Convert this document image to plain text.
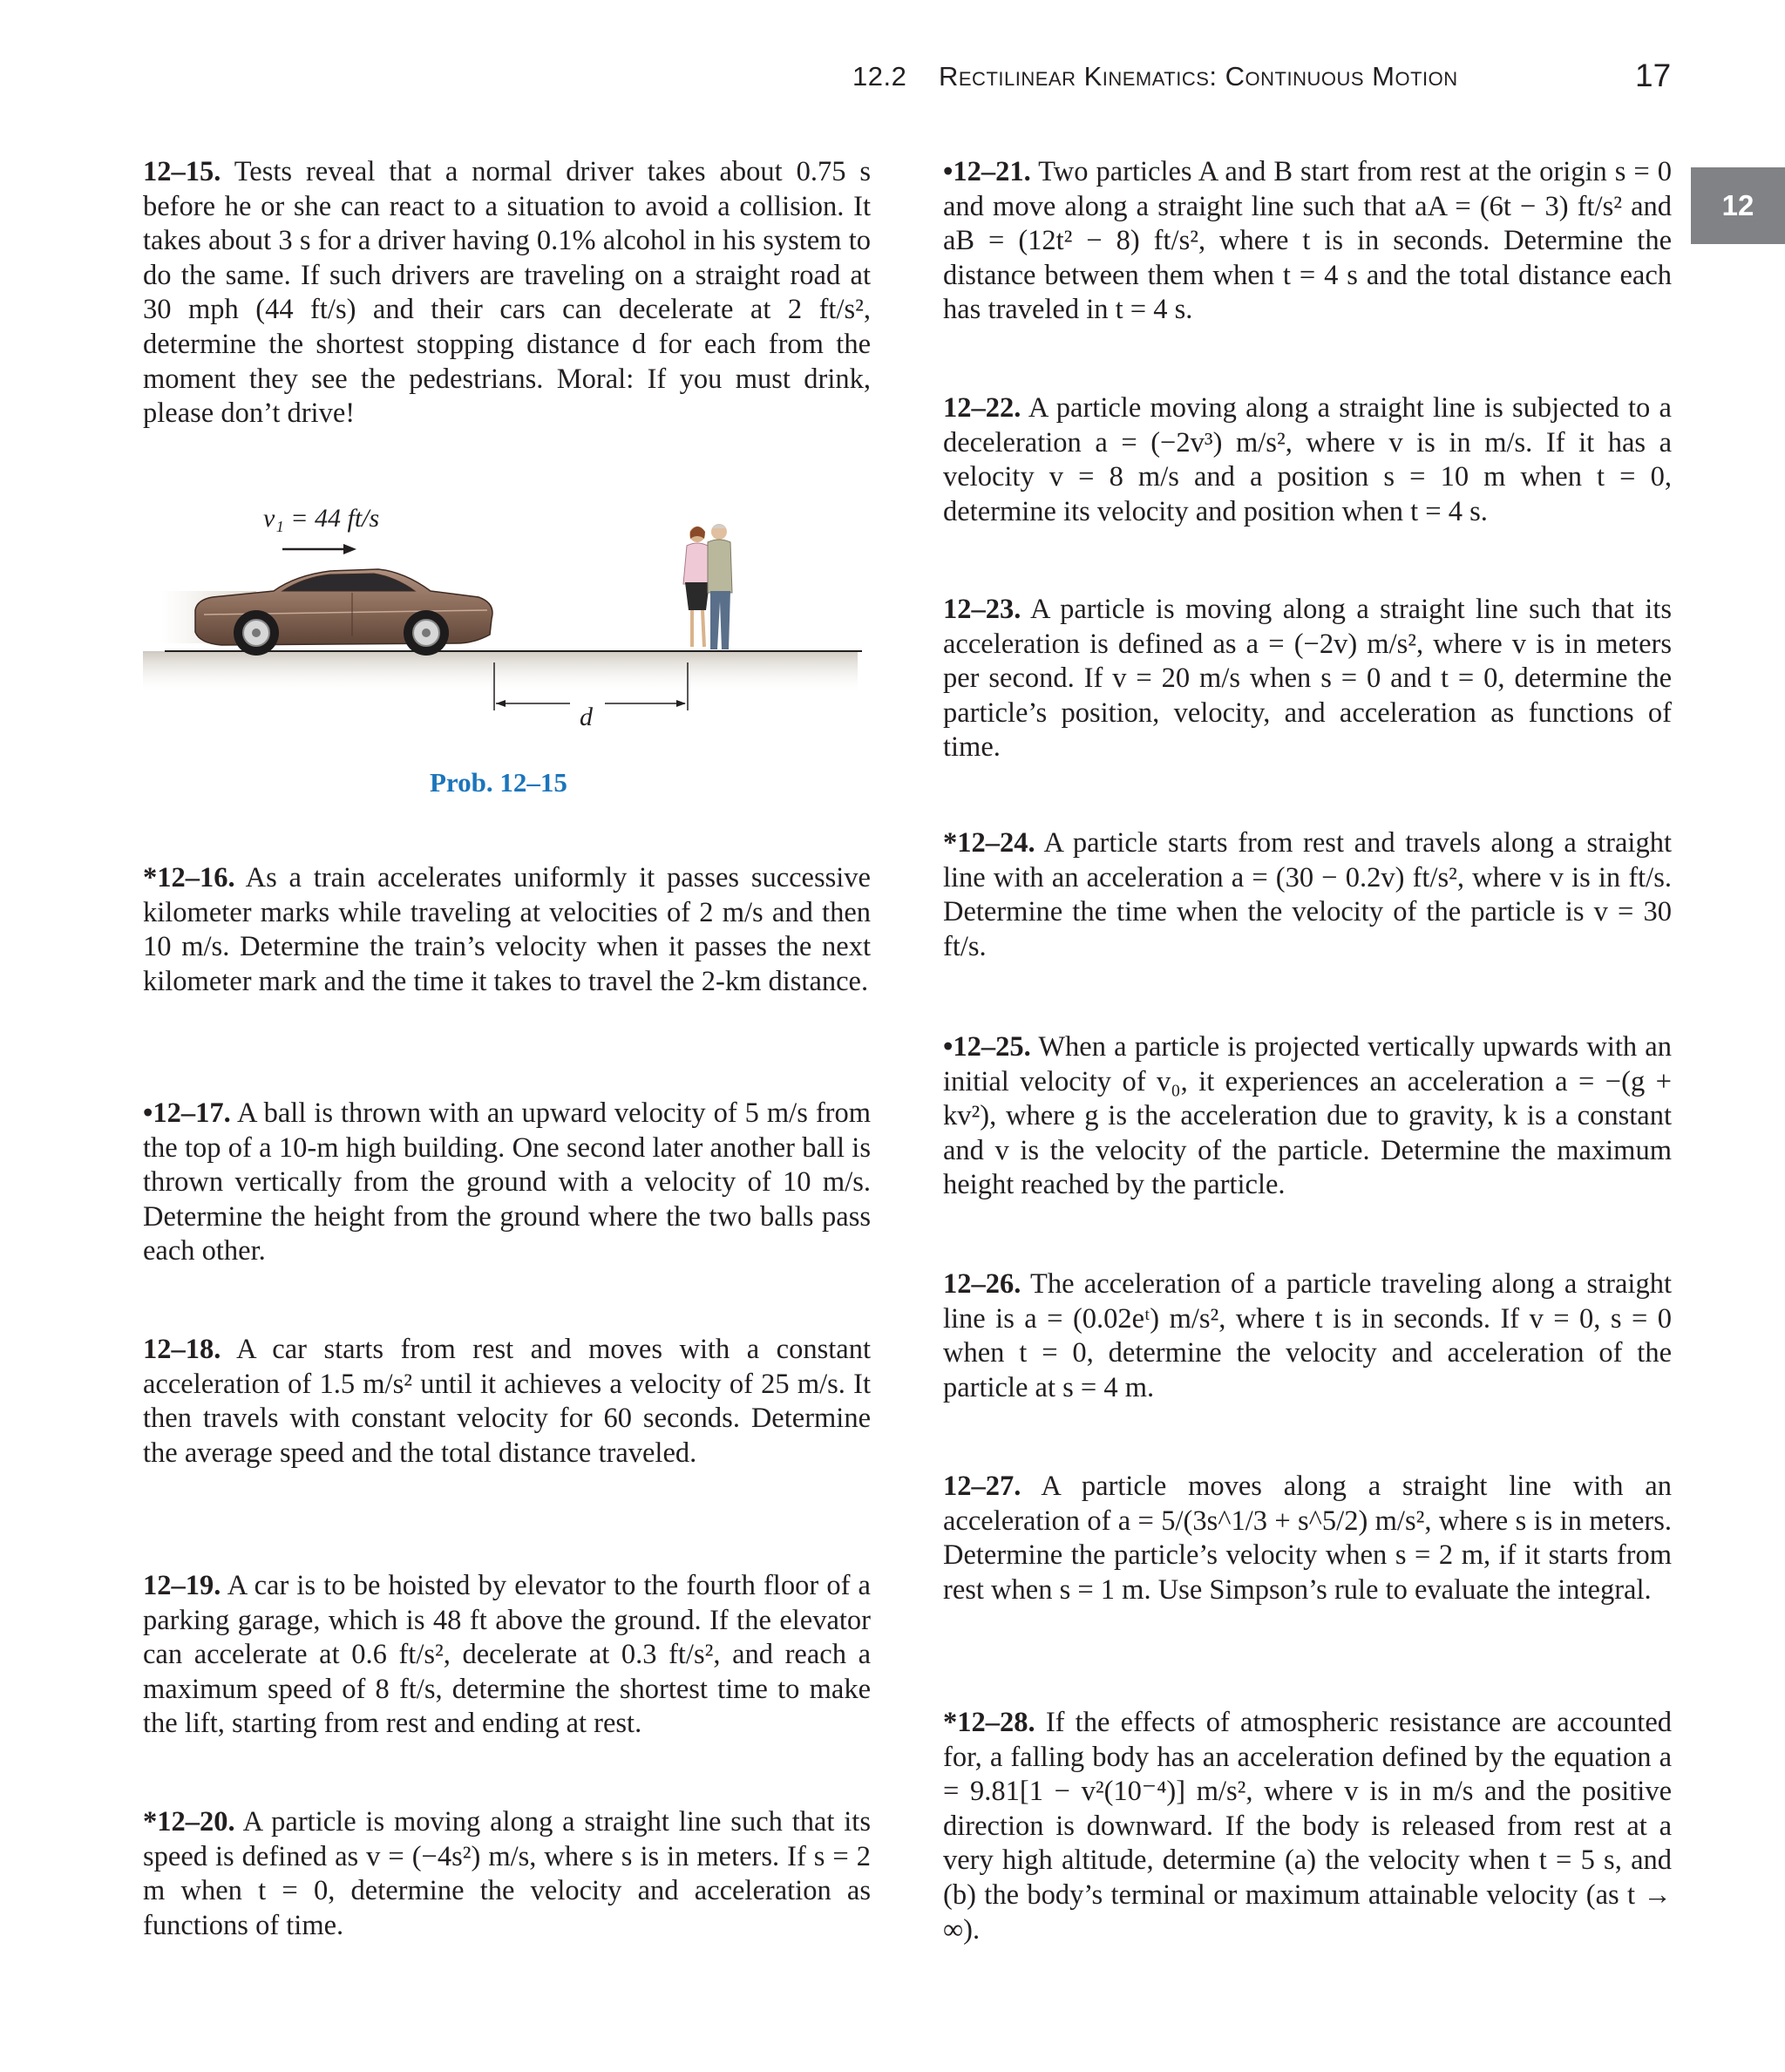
12.2 Rectilinear Kinematics: Continuous Motion	17
12
v₁ = 44 ft/s
d
Prob. 12–15
12–15. Tests reveal that a normal driver takes about 0.75 s before he or she can react to a situation to avoid a collision. It takes about 3 s for a driver having 0.1% alcohol in his system to do the same. If such drivers are traveling on a straight road at 30 mph (44 ft/s) and their cars can decelerate at 2 ft/s², determine the shortest stopping distance d for each from the moment they see the pedestrians. Moral: If you must drink, please don’t drive!
*12–16. As a train accelerates uniformly it passes successive kilometer marks while traveling at velocities of 2 m/s and then 10 m/s. Determine the train’s velocity when it passes the next kilometer mark and the time it takes to travel the 2-km distance.
•12–17. A ball is thrown with an upward velocity of 5 m/s from the top of a 10-m high building. One second later another ball is thrown vertically from the ground with a velocity of 10 m/s. Determine the height from the ground where the two balls pass each other.
12–18. A car starts from rest and moves with a constant acceleration of 1.5 m/s² until it achieves a velocity of 25 m/s. It then travels with constant velocity for 60 seconds. Determine the average speed and the total distance traveled.
12–19. A car is to be hoisted by elevator to the fourth floor of a parking garage, which is 48 ft above the ground. If the elevator can accelerate at 0.6 ft/s², decelerate at 0.3 ft/s², and reach a maximum speed of 8 ft/s, determine the shortest time to make the lift, starting from rest and ending at rest.
*12–20. A particle is moving along a straight line such that its speed is defined as v = (−4s²) m/s, where s is in meters. If s = 2 m when t = 0, determine the velocity and acceleration as functions of time.
•12–21. Two particles A and B start from rest at the origin s = 0 and move along a straight line such that aA = (6t − 3) ft/s² and aB = (12t² − 8) ft/s², where t is in seconds. Determine the distance between them when t = 4 s and the total distance each has traveled in t = 4 s.
12–22. A particle moving along a straight line is subjected to a deceleration a = (−2v³) m/s², where v is in m/s. If it has a velocity v = 8 m/s and a position s = 10 m when t = 0, determine its velocity and position when t = 4 s.
12–23. A particle is moving along a straight line such that its acceleration is defined as a = (−2v) m/s², where v is in meters per second. If v = 20 m/s when s = 0 and t = 0, determine the particle’s position, velocity, and acceleration as functions of time.
*12–24. A particle starts from rest and travels along a straight line with an acceleration a = (30 − 0.2v) ft/s², where v is in ft/s. Determine the time when the velocity of the particle is v = 30 ft/s.
•12–25. When a particle is projected vertically upwards with an initial velocity of v₀, it experiences an acceleration a = −(g + kv²), where g is the acceleration due to gravity, k is a constant and v is the velocity of the particle. Determine the maximum height reached by the particle.
12–26. The acceleration of a particle traveling along a straight line is a = (0.02eᵗ) m/s², where t is in seconds. If v = 0, s = 0 when t = 0, determine the velocity and acceleration of the particle at s = 4 m.
12–27. A particle moves along a straight line with an acceleration of a = 5/(3s^1/3 + s^5/2) m/s², where s is in meters. Determine the particle’s velocity when s = 2 m, if it starts from rest when s = 1 m. Use Simpson’s rule to evaluate the integral.
*12–28. If the effects of atmospheric resistance are accounted for, a falling body has an acceleration defined by the equation a = 9.81[1 − v²(10⁻⁴)] m/s², where v is in m/s and the positive direction is downward. If the body is released from rest at a very high altitude, determine (a) the velocity when t = 5 s, and (b) the body’s terminal or maximum attainable velocity (as t → ∞).
